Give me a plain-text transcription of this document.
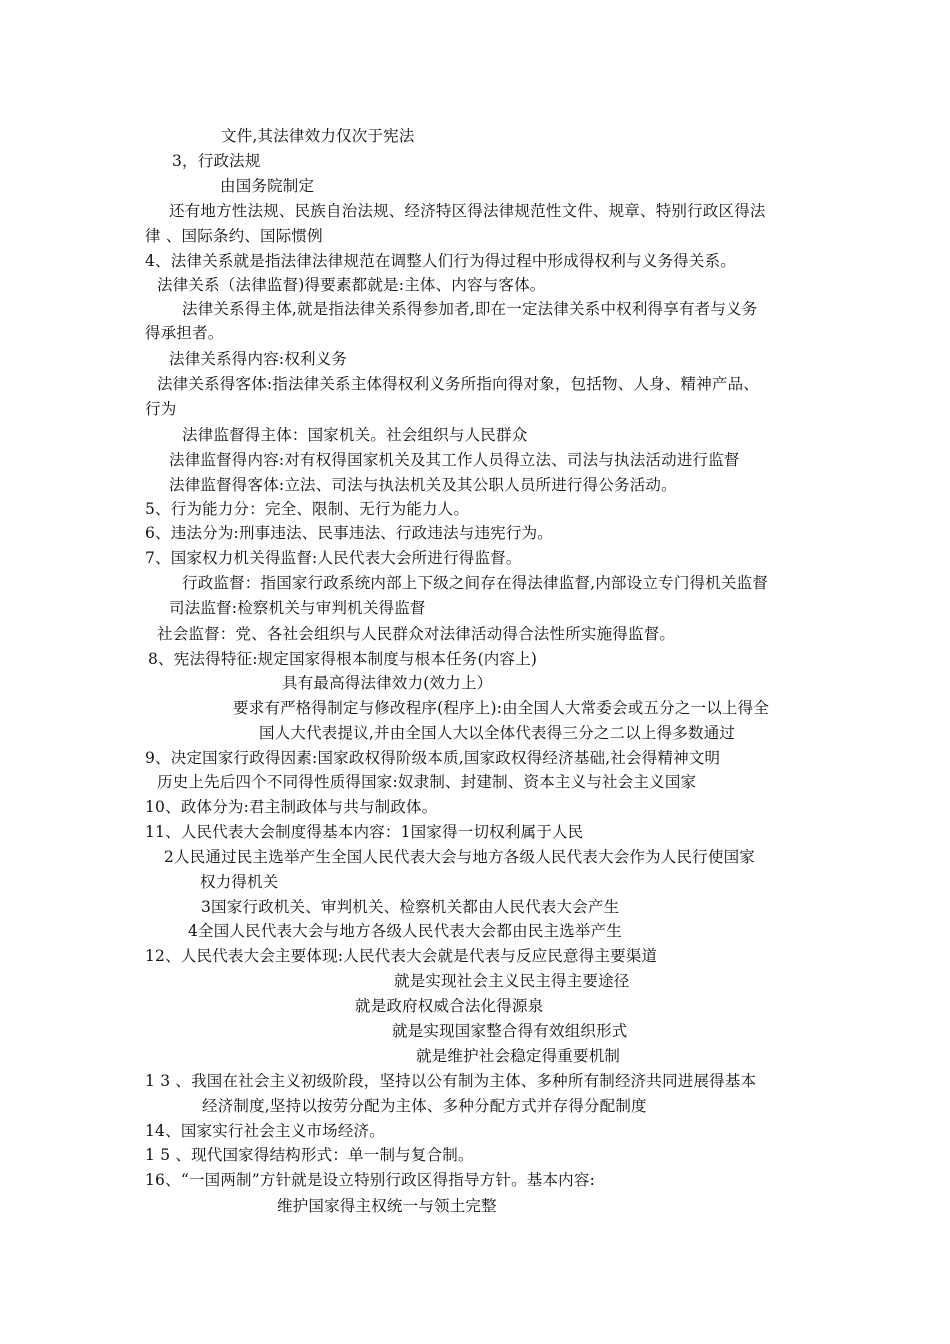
文件,其法律效力仅次于宪法
3，行政法规
由国务院制定
还有地方性法规、民族自治法规、经济特区得法律规范性文件、规章、特别行政区得法
律 、国际条约、国际惯例
4、法律关系就是指法律法律规范在调整人们行为得过程中形成得权利与义务得关系。
法律关系（法律监督)得要素都就是:主体、内容与客体。
法律关系得主体,就是指法律关系得参加者,即在一定法律关系中权利得享有者与义务
得承担者。
法律关系得内容:权利义务
法律关系得客体:指法律关系主体得权利义务所指向得对象，包括物、人身、精神产品、
行为
法律监督得主体：国家机关。社会组织与人民群众
法律监督得内容:对有权得国家机关及其工作人员得立法、司法与执法活动进行监督
法律监督得客体:立法、司法与执法机关及其公职人员所进行得公务活动。
5、行为能力分：完全、限制、无行为能力人。
6、违法分为:刑事违法、民事违法、行政违法与违宪行为。
7、国家权力机关得监督:人民代表大会所进行得监督。
行政监督：指国家行政系统内部上下级之间存在得法律监督,内部设立专门得机关监督
司法监督:检察机关与审判机关得监督
社会监督：党、各社会组织与人民群众对法律活动得合法性所实施得监督。
8、宪法得特征:规定国家得根本制度与根本任务(内容上)
具有最高得法律效力(效力上）
要求有严格得制定与修改程序(程序上):由全国人大常委会或五分之一以上得全
国人大代表提议,并由全国人大以全体代表得三分之二以上得多数通过
9、决定国家行政得因素:国家政权得阶级本质,国家政权得经济基础,社会得精神文明
历史上先后四个不同得性质得国家:奴隶制、封建制、资本主义与社会主义国家
10、政体分为:君主制政体与共与制政体。
11、人民代表大会制度得基本内容：1国家得一切权利属于人民
2人民通过民主选举产生全国人民代表大会与地方各级人民代表大会作为人民行使国家
权力得机关
3国家行政机关、审判机关、检察机关都由人民代表大会产生
4全国人民代表大会与地方各级人民代表大会都由民主选举产生
12、人民代表大会主要体现:人民代表大会就是代表与反应民意得主要渠道
就是实现社会主义民主得主要途径
就是政府权威合法化得源泉
就是实现国家整合得有效组织形式
就是维护社会稳定得重要机制
1 3 、我国在社会主义初级阶段，坚持以公有制为主体、多种所有制经济共同进展得基本
经济制度,坚持以按劳分配为主体、多种分配方式并存得分配制度
14、国家实行社会主义市场经济。
1 5 、现代国家得结构形式：单一制与复合制。
16、“一国两制”方针就是设立特别行政区得指导方针。基本内容:
维护国家得主权统一与领土完整
